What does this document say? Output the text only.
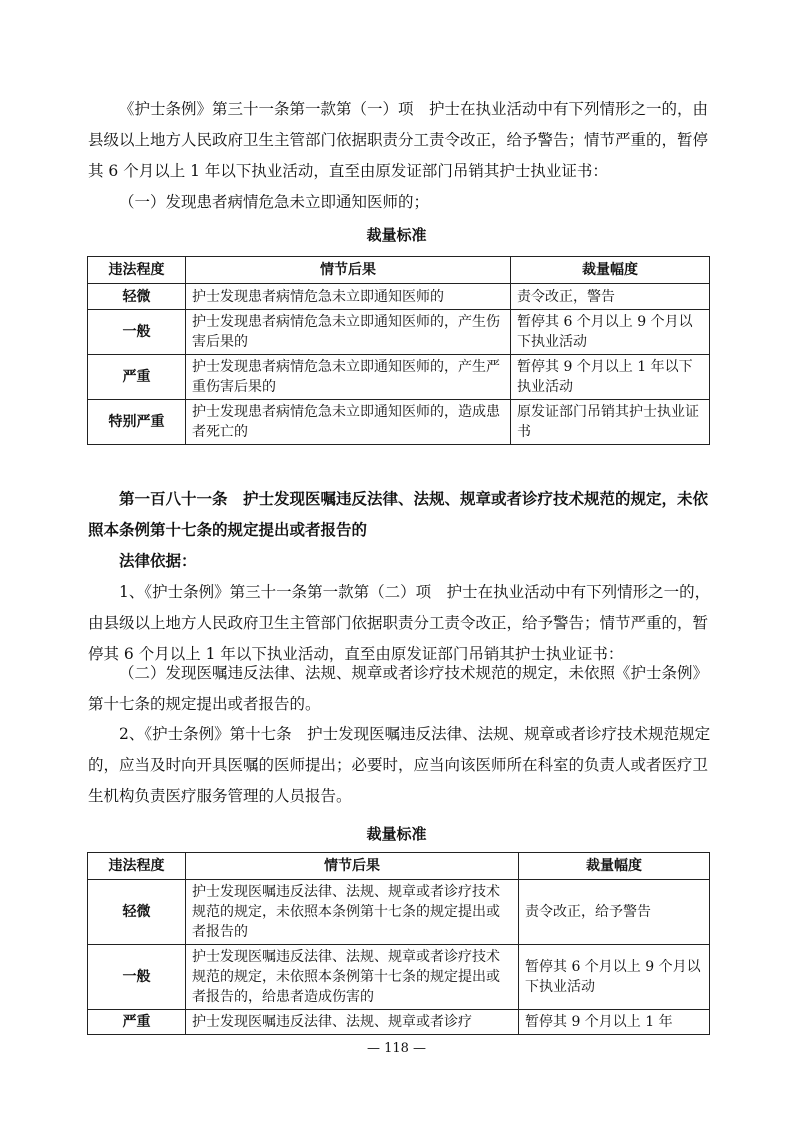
《护士条例》第三十一条第一款第（一）项　护士在执业活动中有下列情形之一的，由县级以上地方人民政府卫生主管部门依据职责分工责令改正，给予警告；情节严重的，暂停其 6 个月以上 1 年以下执业活动，直至由原发证部门吊销其护士执业证书：

（一）发现患者病情危急未立即通知医师的；

裁量标准
违法程度	情节后果	裁量幅度
轻微	护士发现患者病情危急未立即通知医师的	责令改正，警告
一般	护士发现患者病情危急未立即通知医师的，产生伤害后果的	暂停其 6 个月以上 9 个月以下执业活动
严重	护士发现患者病情危急未立即通知医师的，产生严重伤害后果的	暂停其 9 个月以上 1 年以下执业活动
特别严重	护士发现患者病情危急未立即通知医师的，造成患者死亡的	原发证部门吊销其护士执业证书

第一百八十一条　护士发现医嘱违反法律、法规、规章或者诊疗技术规范的规定，未依照本条例第十七条的规定提出或者报告的

法律依据：

1、《护士条例》第三十一条第一款第（二）项　护士在执业活动中有下列情形之一的，由县级以上地方人民政府卫生主管部门依据职责分工责令改正，给予警告；情节严重的，暂停其 6 个月以上 1 年以下执业活动，直至由原发证部门吊销其护士执业证书：

（二）发现医嘱违反法律、法规、规章或者诊疗技术规范的规定，未依照《护士条例》第十七条的规定提出或者报告的。

2、《护士条例》第十七条　护士发现医嘱违反法律、法规、规章或者诊疗技术规范规定的，应当及时向开具医嘱的医师提出；必要时，应当向该医师所在科室的负责人或者医疗卫生机构负责医疗服务管理的人员报告。

裁量标准
违法程度	情节后果	裁量幅度
轻微	护士发现医嘱违反法律、法规、规章或者诊疗技术规范的规定，未依照本条例第十七条的规定提出或者报告的	责令改正，给予警告
一般	护士发现医嘱违反法律、法规、规章或者诊疗技术规范的规定，未依照本条例第十七条的规定提出或者报告的，给患者造成伤害的	暂停其 6 个月以上 9 个月以下执业活动
严重	护士发现医嘱违反法律、法规、规章或者诊疗	暂停其 9 个月以上 1 年
— 118 —
